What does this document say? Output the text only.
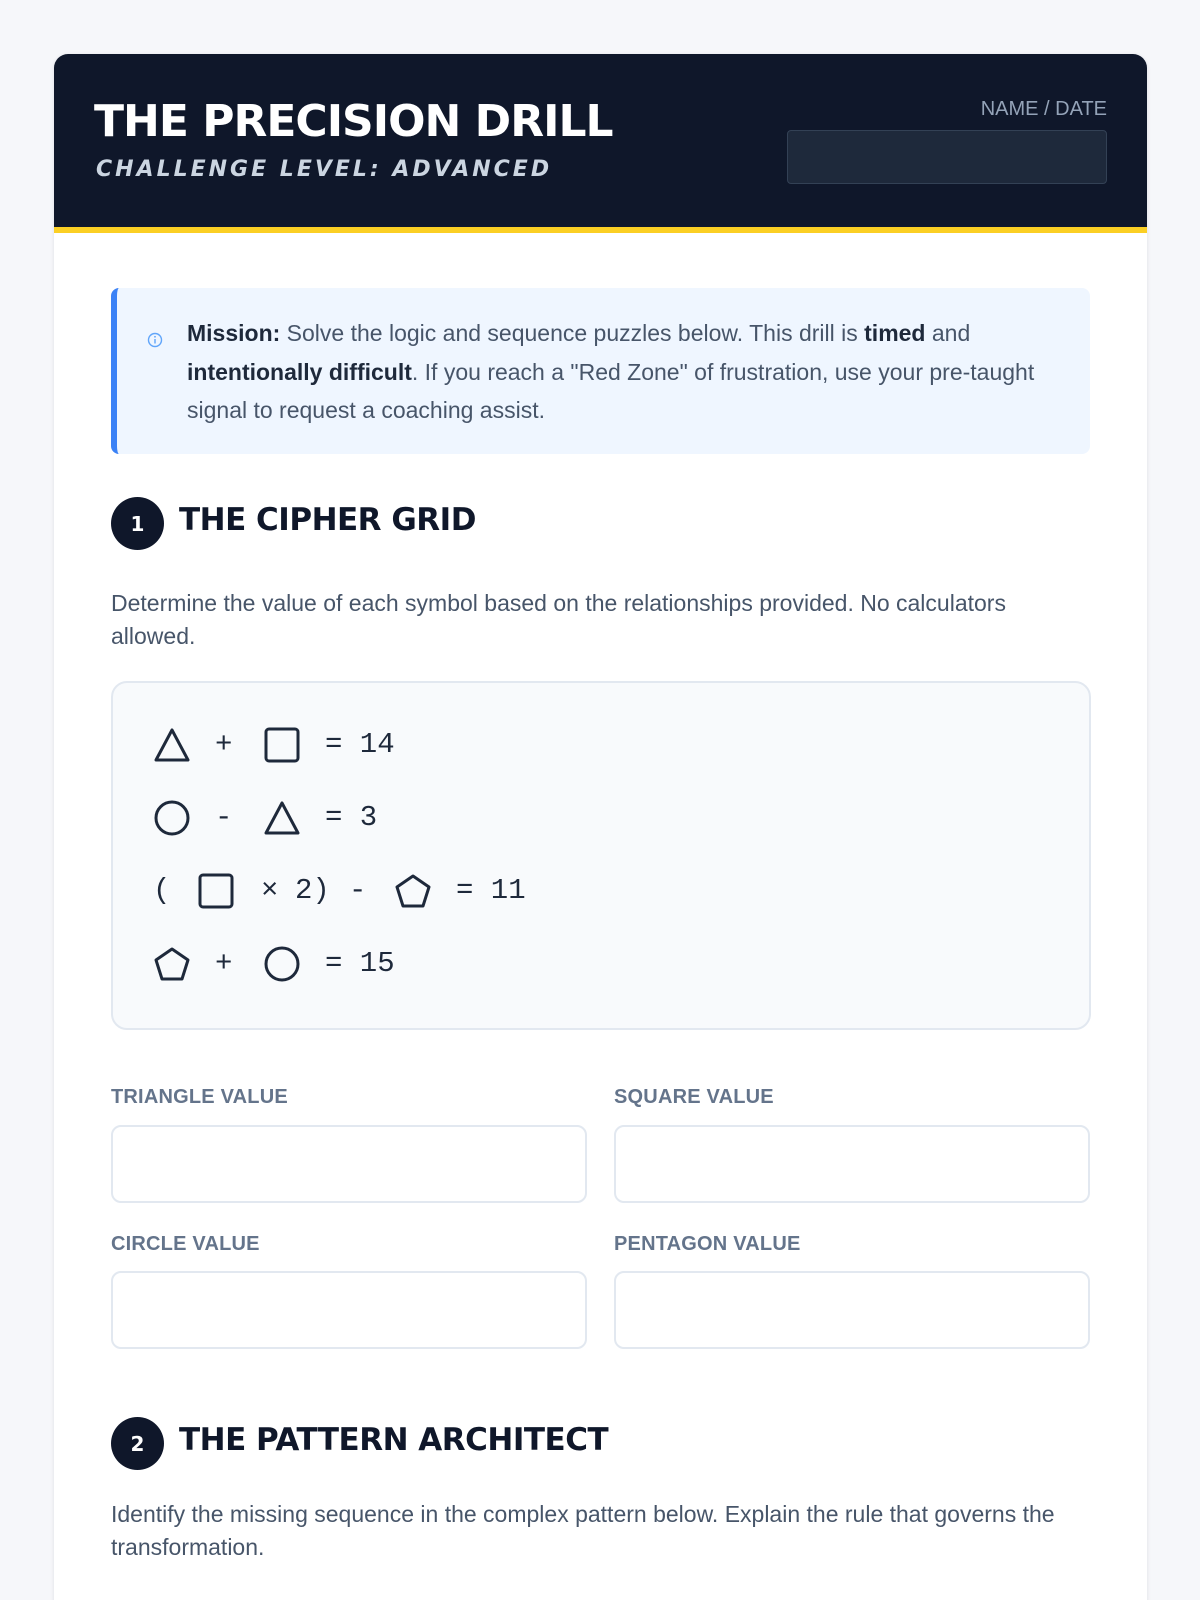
THE PRECISION DRILL
CHALLENGE LEVEL: ADVANCED
NAME / DATE
Mission: Solve the logic and sequence puzzles below. This drill is timed and intentionally difficult. If you reach a "Red Zone" of frustration, use your pre-taught signal to request a coaching assist.
1	THE CIPHER GRID
Determine the value of each symbol based on the relationships provided. No calculators allowed.
+	= 14
-	= 3
(	× 2) -	= 11
+	= 15
TRIANGLE VALUE	SQUARE VALUE
CIRCLE VALUE	PENTAGON VALUE
2	THE PATTERN ARCHITECT
Identify the missing sequence in the complex pattern below. Explain the rule that governs the transformation.
